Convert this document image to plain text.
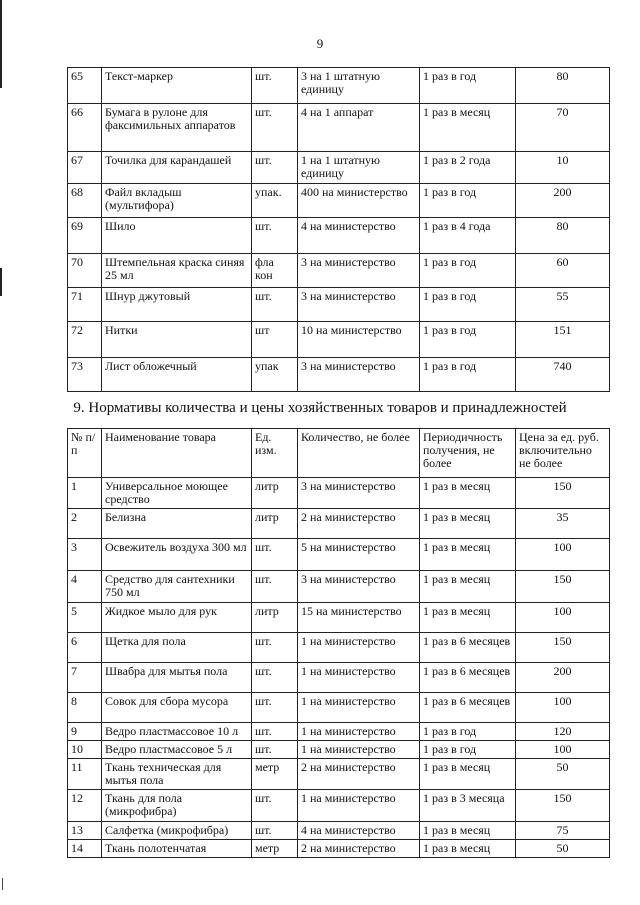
9
65	Текст-маркер	шт.	3 на 1 штатную единицу	1 раз в год	80
66	Бумага в рулоне для факсимильных аппаратов	шт.	4 на 1 аппарат	1 раз в месяц	70
67	Точилка для карандашей	шт.	1 на 1 штатную единицу	1 раз в 2 года	10
68	Файл вкладыш (мультифора)	упак.	400 на министерство	1 раз в год	200
69	Шило	шт.	4 на министерство	1 раз в 4 года	80
70	Штемпельная краска синяя 25 мл	фла кон	3 на министерство	1 раз в год	60
71	Шнур джутовый	шт.	3 на министерство	1 раз в год	55
72	Нитки	шт	10 на министерство	1 раз в год	151
73	Лист обложечный	упак	3 на министерство	1 раз в год	740
9. Нормативы количества и цены хозяйственных товаров и принадлежностей
№ п/п	Наименование товара	Ед. изм.	Количество, не более	Периодичность получения, не более	Цена за ед. руб. включительно не более
1	Универсальное моющее средство	литр	3 на министерство	1 раз в месяц	150
2	Белизна	литр	2 на министерство	1 раз в месяц	35
3	Освежитель воздуха 300 мл	шт.	5 на министерство	1 раз в месяц	100
4	Средство для сантехники 750 мл	шт.	3 на министерство	1 раз в месяц	150
5	Жидкое мыло для рук	литр	15 на министерство	1 раз в месяц	100
6	Щетка для пола	шт.	1 на министерство	1 раз в 6 месяцев	150
7	Швабра для мытья пола	шт.	1 на министерство	1 раз в 6 месяцев	200
8	Совок для сбора мусора	шт.	1 на министерство	1 раз в 6 месяцев	100
9	Ведро пластмассовое 10 л	шт.	1 на министерство	1 раз в год	120
10	Ведро пластмассовое 5 л	шт.	1 на министерство	1 раз в год	100
11	Ткань техническая для мытья пола	метр	2 на министерство	1 раз в месяц	50
12	Ткань для пола (микрофибра)	шт.	1 на министерство	1 раз в 3 месяца	150
13	Салфетка (микрофибра)	шт.	4 на министерство	1 раз в месяц	75
14	Ткань полотенчатая	метр	2 на министерство	1 раз в месяц	50
